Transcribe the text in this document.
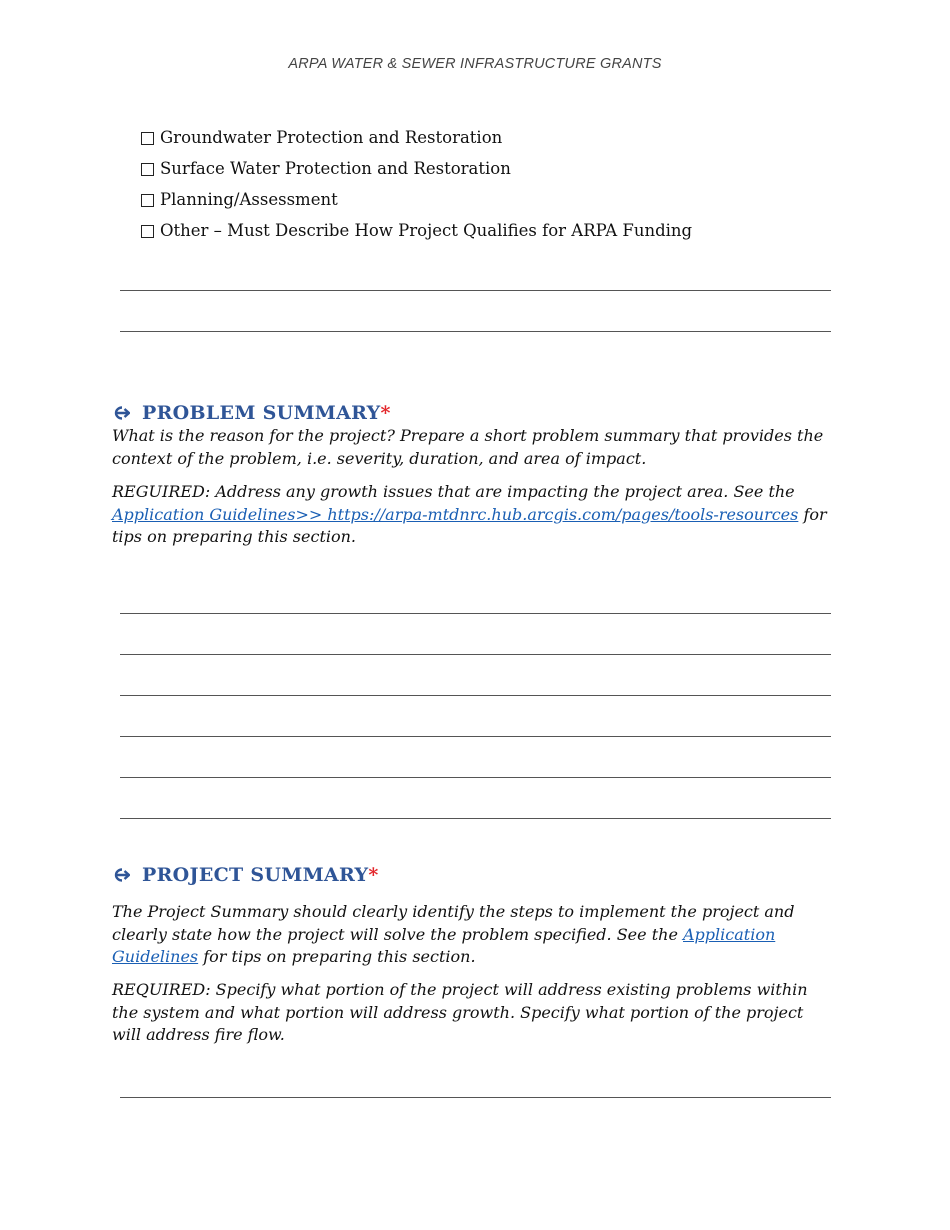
ARPA WATER & SEWER INFRASTRUCTURE GRANTS
Groundwater Protection and Restoration
Surface Water Protection and Restoration
Planning/Assessment
Other – Must Describe How Project Qualifies for ARPA Funding
PROBLEM SUMMARY *

What is the reason for the project? Prepare a short problem summary that provides the context of the problem, i.e. severity, duration, and area of impact.

REGUIRED: Address any growth issues that are impacting the project area. See the Application Guidelines>> https://arpa-mtdnrc.hub.arcgis.com/pages/tools-resources for tips on preparing this section.

PROJECT SUMMARY *

The Project Summary should clearly identify the steps to implement the project and clearly state how the project will solve the problem specified. See the Application Guidelines for tips on preparing this section.

REQUIRED: Specify what portion of the project will address existing problems within the system and what portion will address growth. Specify what portion of the project will address fire flow.
